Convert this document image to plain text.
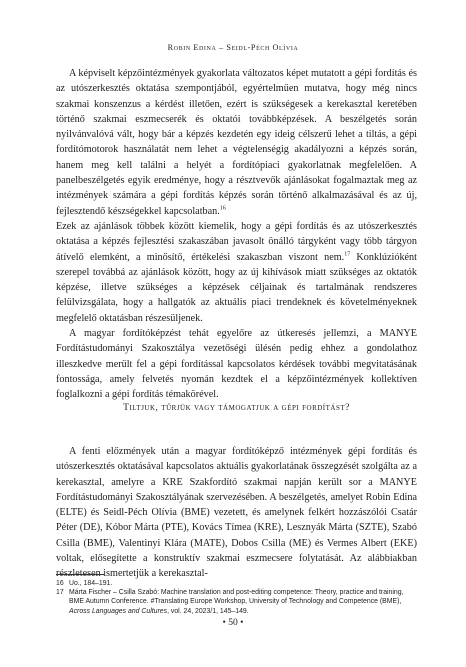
Robin Edina – Seidl-Péch Olívia

A képviselt képzőintézmények gyakorlata változatos képet mutatott a gépi fordítás és az utószerkesztés oktatása szempontjából, egyértelműen mutatva, hogy még nincs szakmai konszenzus a kérdést illetően, ezért is szükségesek a kerekasztal keretében történő szakmai eszmecserék és oktatói továbbképzések. A beszélgetés során nyilvánvalóvá vált, hogy bár a képzés kezdetén egy ideig célszerű lehet a tiltás, a gépi fordítómotorok használatát nem lehet a végtelenségig akadályozni a képzés során, hanem meg kell találni a helyét a fordítópiaci gyakorlatnak megfelelően. A panelbeszélgetés egyik eredménye, hogy a résztvevők ajánlásokat fogalmaztak meg az intézmények számára a gépi fordítás képzés során történő alkalmazásával és az új, fejlesztendő készségekkel kapcsolatban.$^{16}$

Ezek az ajánlások többek között kiemelik, hogy a gépi fordítás és az utószerkesztés oktatása a képzés fejlesztési szakaszában javasolt önálló tárgyként vagy több tárgyon átívelő elemként, a minősítő, értékelési szakaszban viszont nem.$^{17}$ Konklúzióként szerepel továbbá az ajánlások között, hogy az új kihívások miatt szükséges az oktatók képzése, illetve szükséges a képzések céljainak és tartalmának rendszeres felülvizsgálata, hogy a hallgatók az aktuális piaci trendeknek és követelményeknek megfelelő oktatásban részesüljenek.

A magyar fordítóképzést tehát egyelőre az útkeresés jellemzi, a MANYE Fordítástudományi Szakosztálya vezetőségi ülésén pedig ehhez a gondolathoz illeszkedve merült fel a gépi fordítással kapcsolatos kérdések további megvitatásának fontossága, amely felvetés nyomán kezdtek el a képzőintézmények kollektíven foglalkozni a gépi fordítás témakörével.

Tiltjuk, tűrjük vagy támogatjuk a gépi fordítást?

A fenti előzmények után a magyar fordítóképző intézmények gépi fordítás és utószerkesztés oktatásával kapcsolatos aktuális gyakorlatának összegzését szolgálta az a kerekasztal, amelyre a KRE Szakfordító szakmai napján került sor a MANYE Fordítástudományi Szakosztályának szervezésében. A beszélgetés, amelyet Robin Edina (ELTE) és Seidl-Péch Olívia (BME) vezetett, és amelynek felkért hozzászólói Csatár Péter (DE), Kóbor Márta (PTE), Kovács Tímea (KRE), Lesznyák Márta (SZTE), Szabó Csilla (BME), Valentinyi Klára (MATE), Dobos Csilla (ME) és Vermes Albert (EKE) voltak, elősegítette a konstruktív szakmai eszmecsere folytatását. Az alábbiakban részletesen ismertetjük a kerekasztal-

16 Uo., 184–191.
17 Márta Fischer – Csilla Szabó: Machine translation and post-editing competence: Theory, practice and training, BME Autumn Conference. #Translating Europe Workshop, University of Technology and Competence (BME), Across Languages and Cultures, vol. 24, 2023/1, 145–149.
• 50 •
